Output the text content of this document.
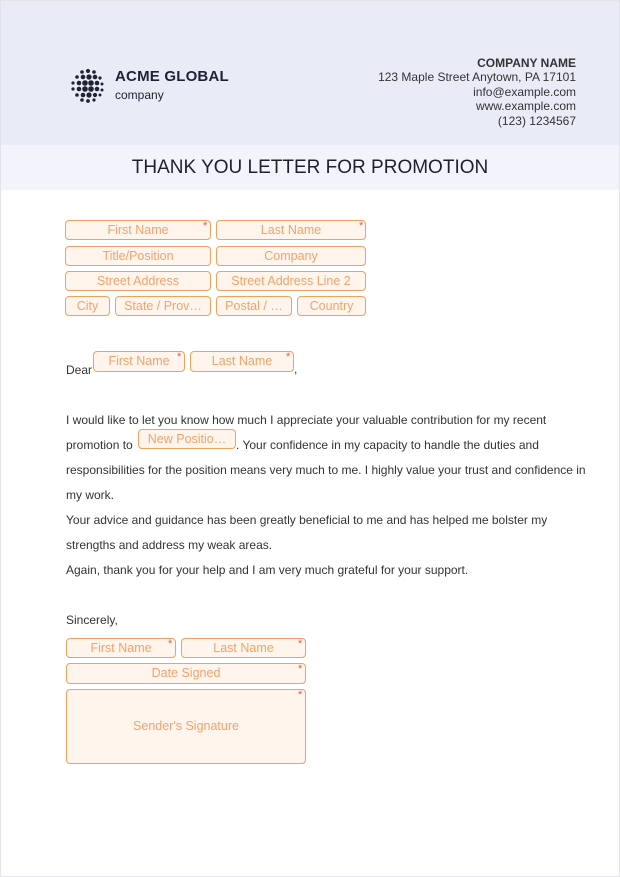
ACME GLOBAL
company
COMPANY NAME
123 Maple Street Anytown, PA 17101
info@example.com
www.example.com
(123) 1234567
THANK YOU LETTER FOR PROMOTION
First Name	*	Last Name	*
Title/Position	Company
Street Address	Street Address Line 2
City	State / Prov…	Postal / …	Country
Dear
First Name *	Last Name	*
,
I would like to let you know how much I appreciate your valuable contribution for my recent
promotion to	New Positio… . Your confidence in my capacity to handle the duties and
responsibilities for the position means very much to me. I highly value your trust and confidence in
my work.
Your advice and guidance has been greatly beneficial to me and has helped me bolster my
strengths and address my weak areas.
Again, thank you for your help and I am very much grateful for your support.
Sincerely,
First Name	*	Last Name	*
Date Signed	*
Sender's Signature
*
